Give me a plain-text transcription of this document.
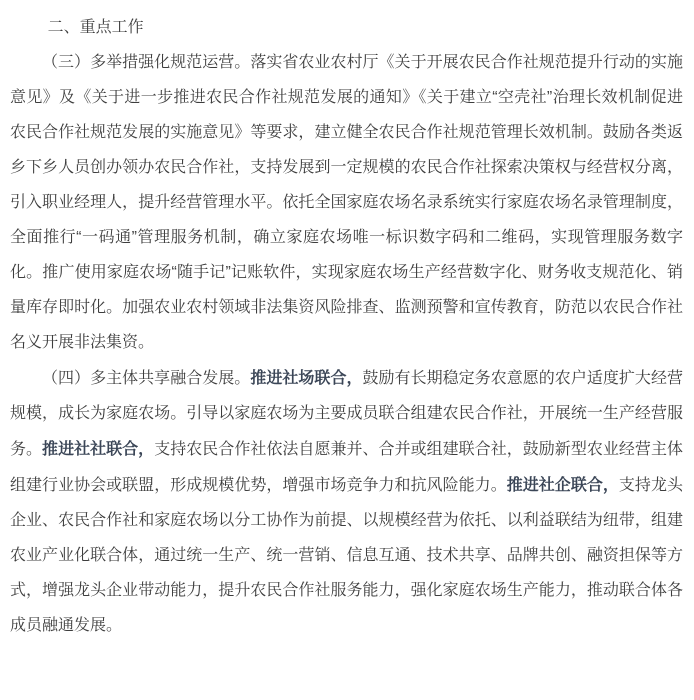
二、重点工作

（三）多举措强化规范运营。落实省农业农村厅《关于开展农民合作社规范提升行动的实施意见》及《关于进一步推进农民合作社规范发展的通知》《关于建立“空壳社”治理长效机制促进农民合作社规范发展的实施意见》等要求，建立健全农民合作社规范管理长效机制。鼓励各类返乡下乡人员创办领办农民合作社，支持发展到一定规模的农民合作社探索决策权与经营权分离，引入职业经理人，提升经营管理水平。依托全国家庭农场名录系统实行家庭农场名录管理制度，全面推行“一码通”管理服务机制，确立家庭农场唯一标识数字码和二维码，实现管理服务数字化。推广使用家庭农场“随手记”记账软件，实现家庭农场生产经营数字化、财务收支规范化、销量库存即时化。加强农业农村领域非法集资风险排查、监测预警和宣传教育，防范以农民合作社名义开展非法集资。

（四）多主体共享融合发展。推进社场联合，鼓励有长期稳定务农意愿的农户适度扩大经营规模，成长为家庭农场。引导以家庭农场为主要成员联合组建农民合作社，开展统一生产经营服务。推进社社联合，支持农民合作社依法自愿兼并、合并或组建联合社，鼓励新型农业经营主体组建行业协会或联盟，形成规模优势，增强市场竞争力和抗风险能力。推进社企联合，支持龙头企业、农民合作社和家庭农场以分工协作为前提、以规模经营为依托、以利益联结为纽带，组建农业产业化联合体，通过统一生产、统一营销、信息互通、技术共享、品牌共创、融资担保等方式，增强龙头企业带动能力，提升农民合作社服务能力，强化家庭农场生产能力，推动联合体各成员融通发展。
